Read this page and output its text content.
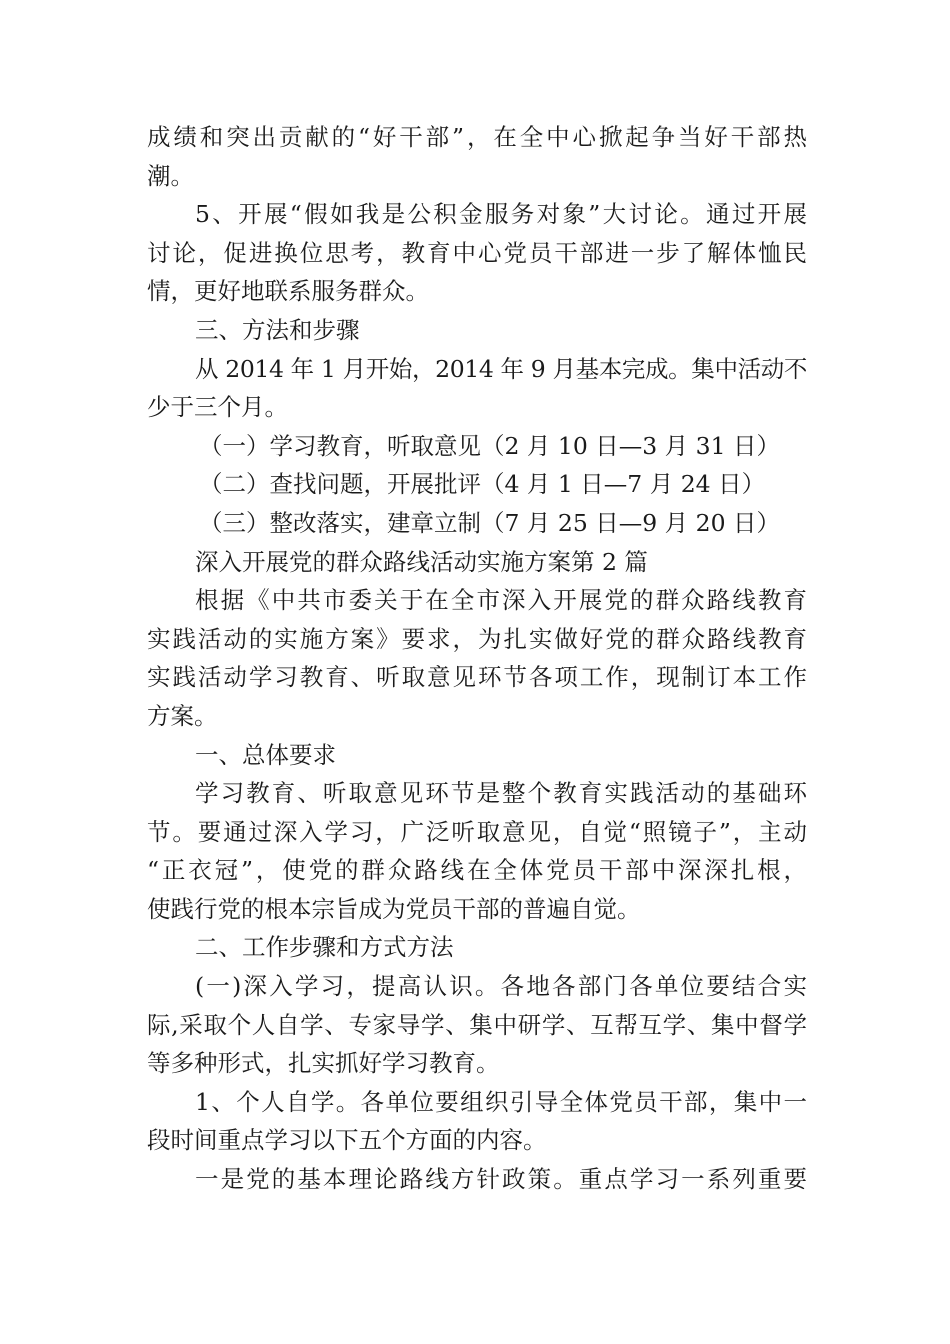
成绩和突出贡献的“好干部”，在全中心掀起争当好干部热
潮。
5、开展“假如我是公积金服务对象”大讨论。通过开展
讨论，促进换位思考，教育中心党员干部进一步了解体恤民
情，更好地联系服务群众。
三、方法和步骤
从 2014 年 1 月开始，2014 年 9 月基本完成。集中活动不
少于三个月。
（一）学习教育，听取意见（2 月 10 日—3 月 31 日）
（二）查找问题，开展批评（4 月 1 日—7 月 24 日）
（三）整改落实，建章立制（7 月 25 日—9 月 20 日）
深入开展党的群众路线活动实施方案第 2 篇
根据《中共市委关于在全市深入开展党的群众路线教育
实践活动的实施方案》要求，为扎实做好党的群众路线教育
实践活动学习教育、听取意见环节各项工作，现制订本工作
方案。
一、总体要求
学习教育、听取意见环节是整个教育实践活动的基础环
节。要通过深入学习，广泛听取意见，自觉“照镜子”，主动
“正衣冠”，使党的群众路线在全体党员干部中深深扎根，
使践行党的根本宗旨成为党员干部的普遍自觉。
二、工作步骤和方式方法
(一)深入学习，提高认识。各地各部门各单位要结合实
际,采取个人自学、专家导学、集中研学、互帮互学、集中督学
等多种形式，扎实抓好学习教育。
1、个人自学。各单位要组织引导全体党员干部，集中一
段时间重点学习以下五个方面的内容。
一是党的基本理论路线方针政策。重点学习一系列重要
